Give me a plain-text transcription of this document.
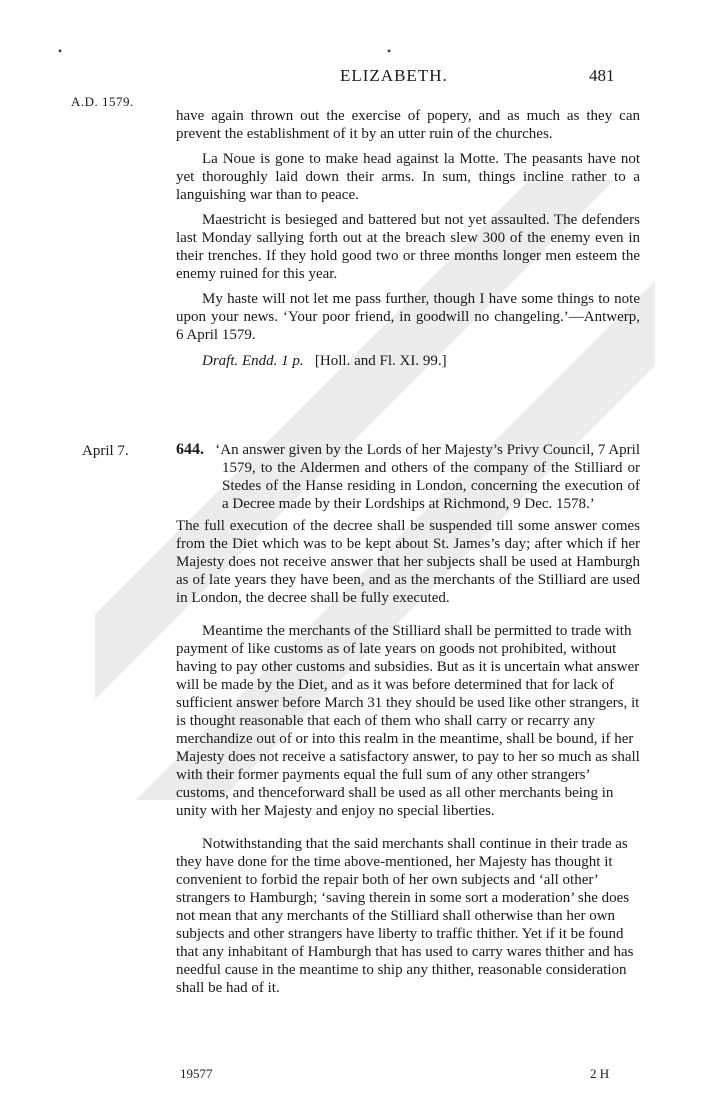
•	•
ELIZABETH.	481
A.D. 1579.

have again thrown out the exercise of popery, and as much as they can prevent the establishment of it by an utter ruin of the churches.

La Noue is gone to make head against la Motte. The peasants have not yet thoroughly laid down their arms. In sum, things incline rather to a languishing war than to peace.

Maestricht is besieged and battered but not yet assaulted. The defenders last Monday sallying forth out at the breach slew 300 of the enemy even in their trenches. If they hold good two or three months longer men esteem the enemy ruined for this year.

My haste will not let me pass further, though I have some things to note upon your news. ‘Your poor friend, in goodwill no changeling.’—Antwerp, 6 April 1579.

Draft. Endd. 1 p. [Holl. and Fl. XI. 99.]

April 7.	644. ‘An answer given by the Lords of her Majesty’s Privy Council, 7 April 1579, to the Aldermen and others of the company of the Stilliard or Stedes of the Hanse residing in London, concerning the execution of a Decree made by their Lordships at Richmond, 9 Dec. 1578.’

The full execution of the decree shall be suspended till some answer comes from the Diet which was to be kept about St. James’s day; after which if her Majesty does not receive answer that her subjects shall be used at Hamburgh as of late years they have been, and as the merchants of the Stilliard are used in London, the decree shall be fully executed.

Meantime the merchants of the Stilliard shall be permitted to trade with payment of like customs as of late years on goods not prohibited, without having to pay other customs and subsidies. But as it is uncertain what answer will be made by the Diet, and as it was before determined that for lack of sufficient answer before March 31 they should be used like other strangers, it is thought reasonable that each of them who shall carry or recarry any merchandize out of or into this realm in the meantime, shall be bound, if her Majesty does not receive a satisfactory answer, to pay to her so much as shall with their former payments equal the full sum of any other strangers’ customs, and thenceforward shall be used as all other merchants being in unity with her Majesty and enjoy no special liberties.

Notwithstanding that the said merchants shall continue in their trade as they have done for the time above-mentioned, her Majesty has thought it convenient to forbid the repair both of her own subjects and ‘all other’ strangers to Hamburgh; ‘saving therein in some sort a moderation’ she does not mean that any merchants of the Stilliard shall otherwise than her own subjects and other strangers have liberty to traffic thither. Yet if it be found that any inhabitant of Hamburgh that has used to carry wares thither and has needful cause in the meantime to ship any thither, reasonable consideration shall be had of it.

19577	2 H
